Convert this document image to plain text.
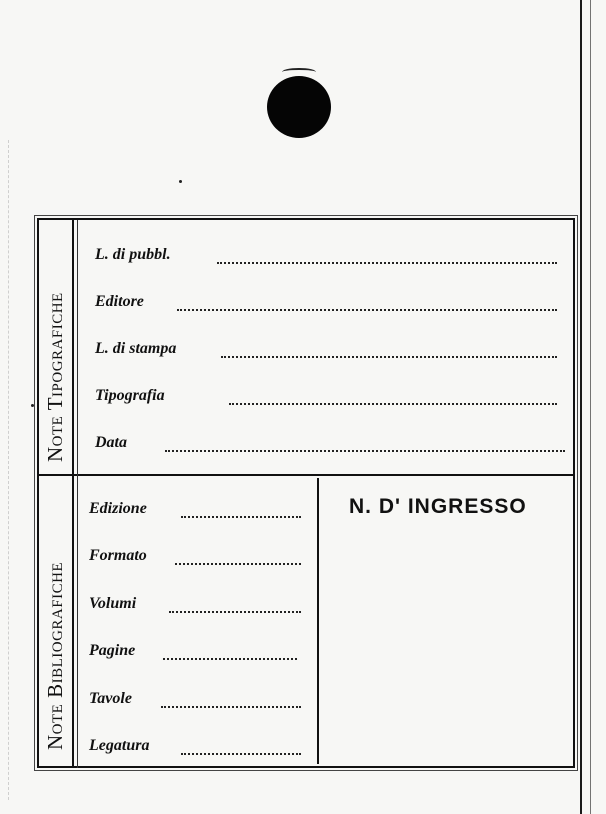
Note Tipografiche
Note Bibliografiche
L. di pubbl.
Editore
L. di stampa
Tipografia
Data
Edizione
Formato
Volumi
Pagine
Tavole
Legatura
N. D' INGRESSO
